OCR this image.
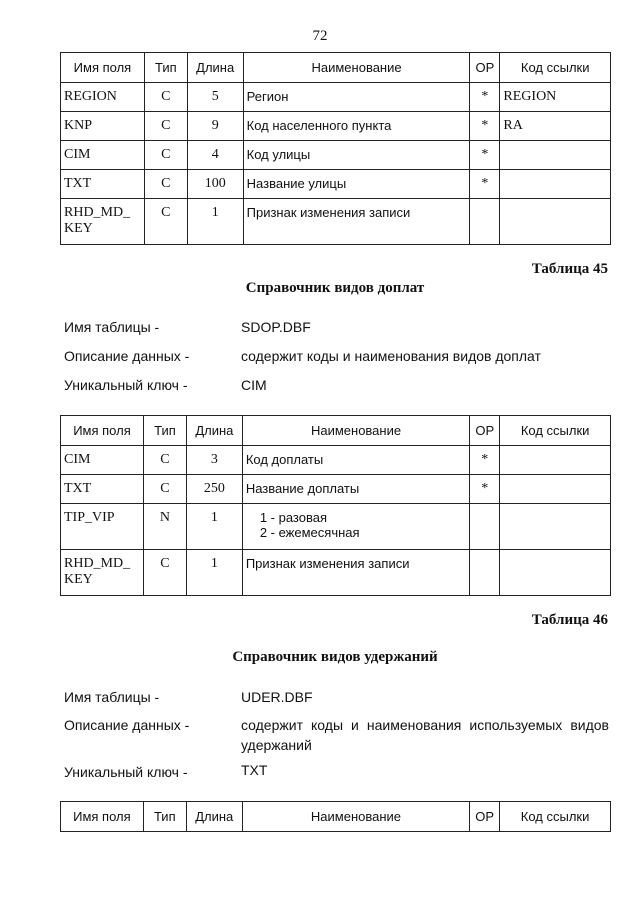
72
Имя поля	Тип	Длина	Наименование	ОР	Код ссылки
REGION	C	5	Регион	*	REGION
KNP	C	9	Код населенного пункта	*	RA
CIM	C	4	Код улицы	*	
TXT	C	100	Название улицы	*	
RHD_MD_ KEY	C	1	Признак изменения записи		
Таблица 45
Справочник видов доплат
Имя таблицы -	SDOP.DBF
Описание данных -	содержит коды и наименования видов доплат
Уникальный ключ -	CIM
Имя поля	Тип	Длина	Наименование	ОР	Код ссылки
CIM	C	3	Код доплаты	*	
TXT	C	250	Название доплаты	*	
TIP_VIP	N	1	1 - разовая
2 - ежемесячная		

RHD_MD_ KEY	C	1	Признак изменения записи		
Таблица 46
Справочник видов удержаний
Имя таблицы -	UDER.DBF
Описание данных -	содержит коды и наименования используемых видов удержаний
Уникальный ключ -	TXT
Имя поля	Тип	Длина	Наименование	ОР	Код ссылки
